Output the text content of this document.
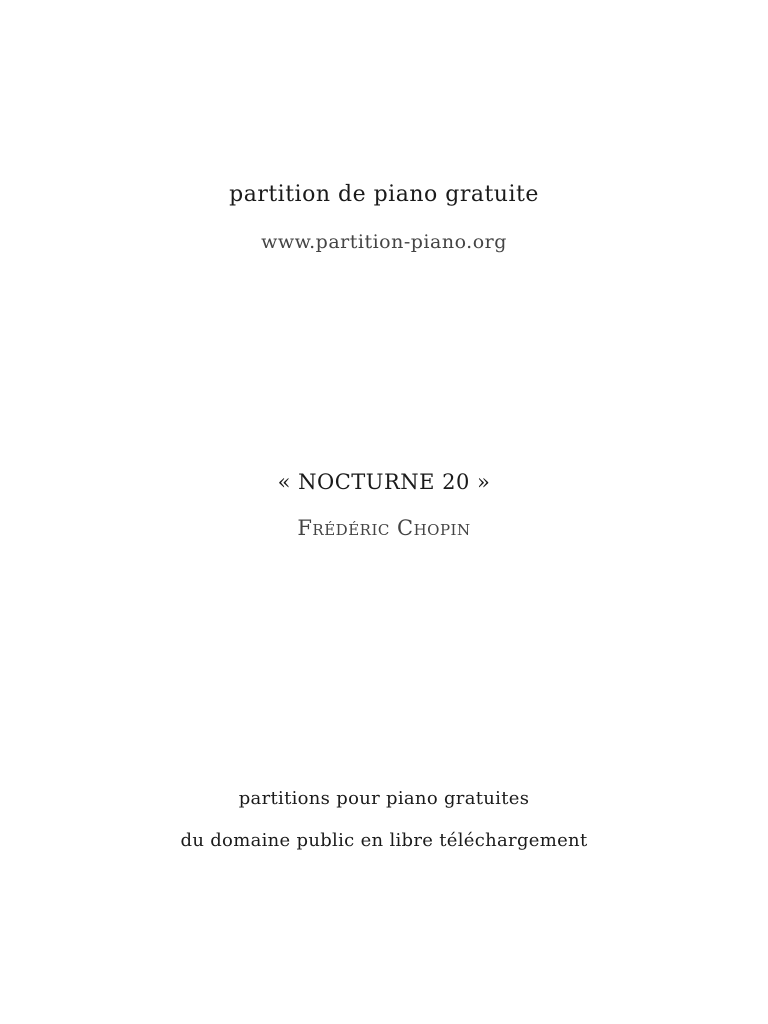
partition de piano gratuite
www.partition-piano.org
« NOCTURNE 20 »
Frédéric Chopin
partitions pour piano gratuites
du domaine public en libre téléchargement
